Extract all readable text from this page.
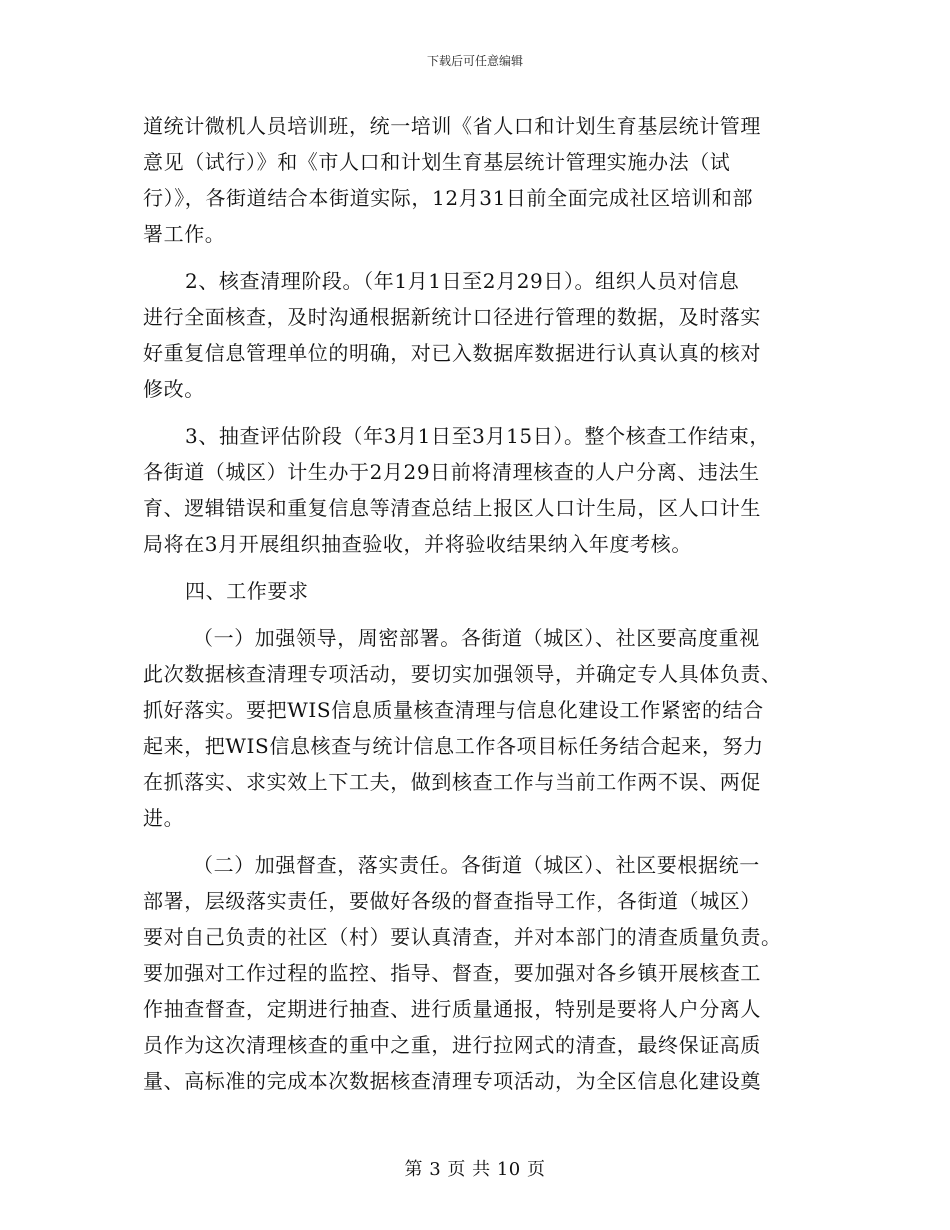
下载后可任意编辑
道统计微机人员培训班，统一培训《省人口和计划生育基层统计管理
意见（试行）》和《市人口和计划生育基层统计管理实施办法（试
行）》，各街道结合本街道实际，12月31日前全面完成社区培训和部
署工作。
2、核查清理阶段。（年1月1日至2月29日）。组织人员对信息
进行全面核查，及时沟通根据新统计口径进行管理的数据，及时落实
好重复信息管理单位的明确，对已入数据库数据进行认真认真的核对
修改。
3、抽查评估阶段（年3月1日至3月15日）。整个核查工作结束，
各街道（城区）计生办于2月29日前将清理核查的人户分离、违法生
育、逻辑错误和重复信息等清查总结上报区人口计生局，区人口计生
局将在3月开展组织抽查验收，并将验收结果纳入年度考核。
四、工作要求
（一）加强领导，周密部署。各街道（城区）、社区要高度重视
此次数据核查清理专项活动，要切实加强领导，并确定专人具体负责、
抓好落实。要把WIS信息质量核查清理与信息化建设工作紧密的结合
起来，把WIS信息核查与统计信息工作各项目标任务结合起来，努力
在抓落实、求实效上下工夫，做到核查工作与当前工作两不误、两促
进。
（二）加强督查，落实责任。各街道（城区）、社区要根据统一
部署，层级落实责任，要做好各级的督查指导工作，各街道（城区）
要对自己负责的社区（村）要认真清查，并对本部门的清查质量负责。
要加强对工作过程的监控、指导、督查，要加强对各乡镇开展核查工
作抽查督查，定期进行抽查、进行质量通报，特别是要将人户分离人
员作为这次清理核查的重中之重，进行拉网式的清查，最终保证高质
量、高标准的完成本次数据核查清理专项活动，为全区信息化建设奠
第 3 页 共 10 页
